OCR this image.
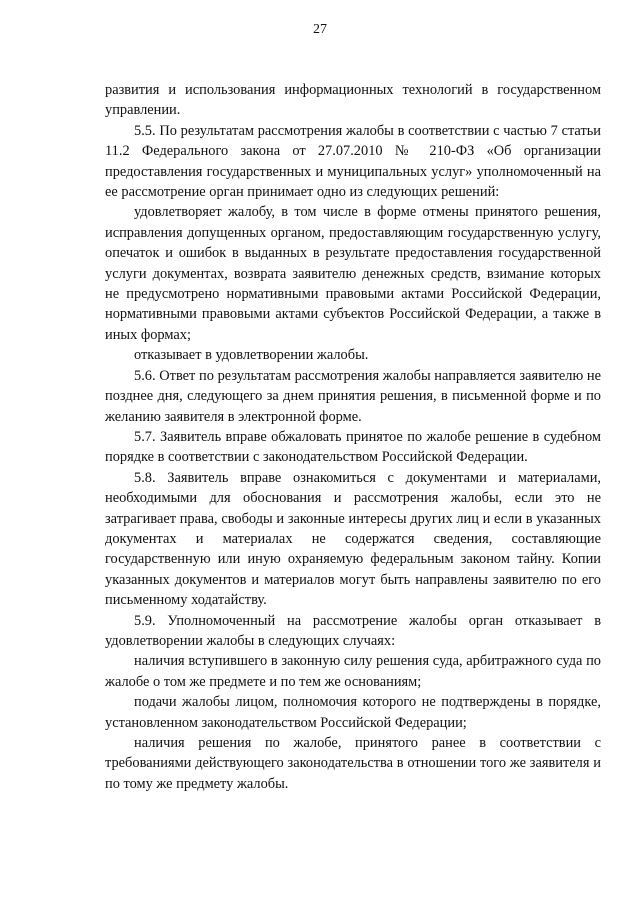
27

развития и использования информационных технологий в государственном управлении.

5.5. По результатам рассмотрения жалобы в соответствии с частью 7 статьи 11.2 Федерального закона от 27.07.2010 № 210-ФЗ «Об организации предоставления государственных и муниципальных услуг» уполномоченный на ее рассмотрение орган принимает одно из следующих решений:

удовлетворяет жалобу, в том числе в форме отмены принятого решения, исправления допущенных органом, предоставляющим государственную услугу, опечаток и ошибок в выданных в результате предоставления государственной услуги документах, возврата заявителю денежных средств, взимание которых не предусмотрено нормативными правовыми актами Российской Федерации, нормативными правовыми актами субъектов Российской Федерации, а также в иных формах;

отказывает в удовлетворении жалобы.

5.6. Ответ по результатам рассмотрения жалобы направляется заявителю не позднее дня, следующего за днем принятия решения, в письменной форме и по желанию заявителя в электронной форме.

5.7. Заявитель вправе обжаловать принятое по жалобе решение в судебном порядке в соответствии с законодательством Российской Федерации.

5.8. Заявитель вправе ознакомиться с документами и материалами, необходимыми для обоснования и рассмотрения жалобы, если это не затрагивает права, свободы и законные интересы других лиц и если в указанных документах и материалах не содержатся сведения, составляющие государственную или иную охраняемую федеральным законом тайну. Копии указанных документов и материалов могут быть направлены заявителю по его письменному ходатайству.

5.9. Уполномоченный на рассмотрение жалобы орган отказывает в удовлетворении жалобы в следующих случаях:

наличия вступившего в законную силу решения суда, арбитражного суда по жалобе о том же предмете и по тем же основаниям;

подачи жалобы лицом, полномочия которого не подтверждены в порядке, установленном законодательством Российской Федерации;

наличия решения по жалобе, принятого ранее в соответствии с требованиями действующего законодательства в отношении того же заявителя и по тому же предмету жалобы.
